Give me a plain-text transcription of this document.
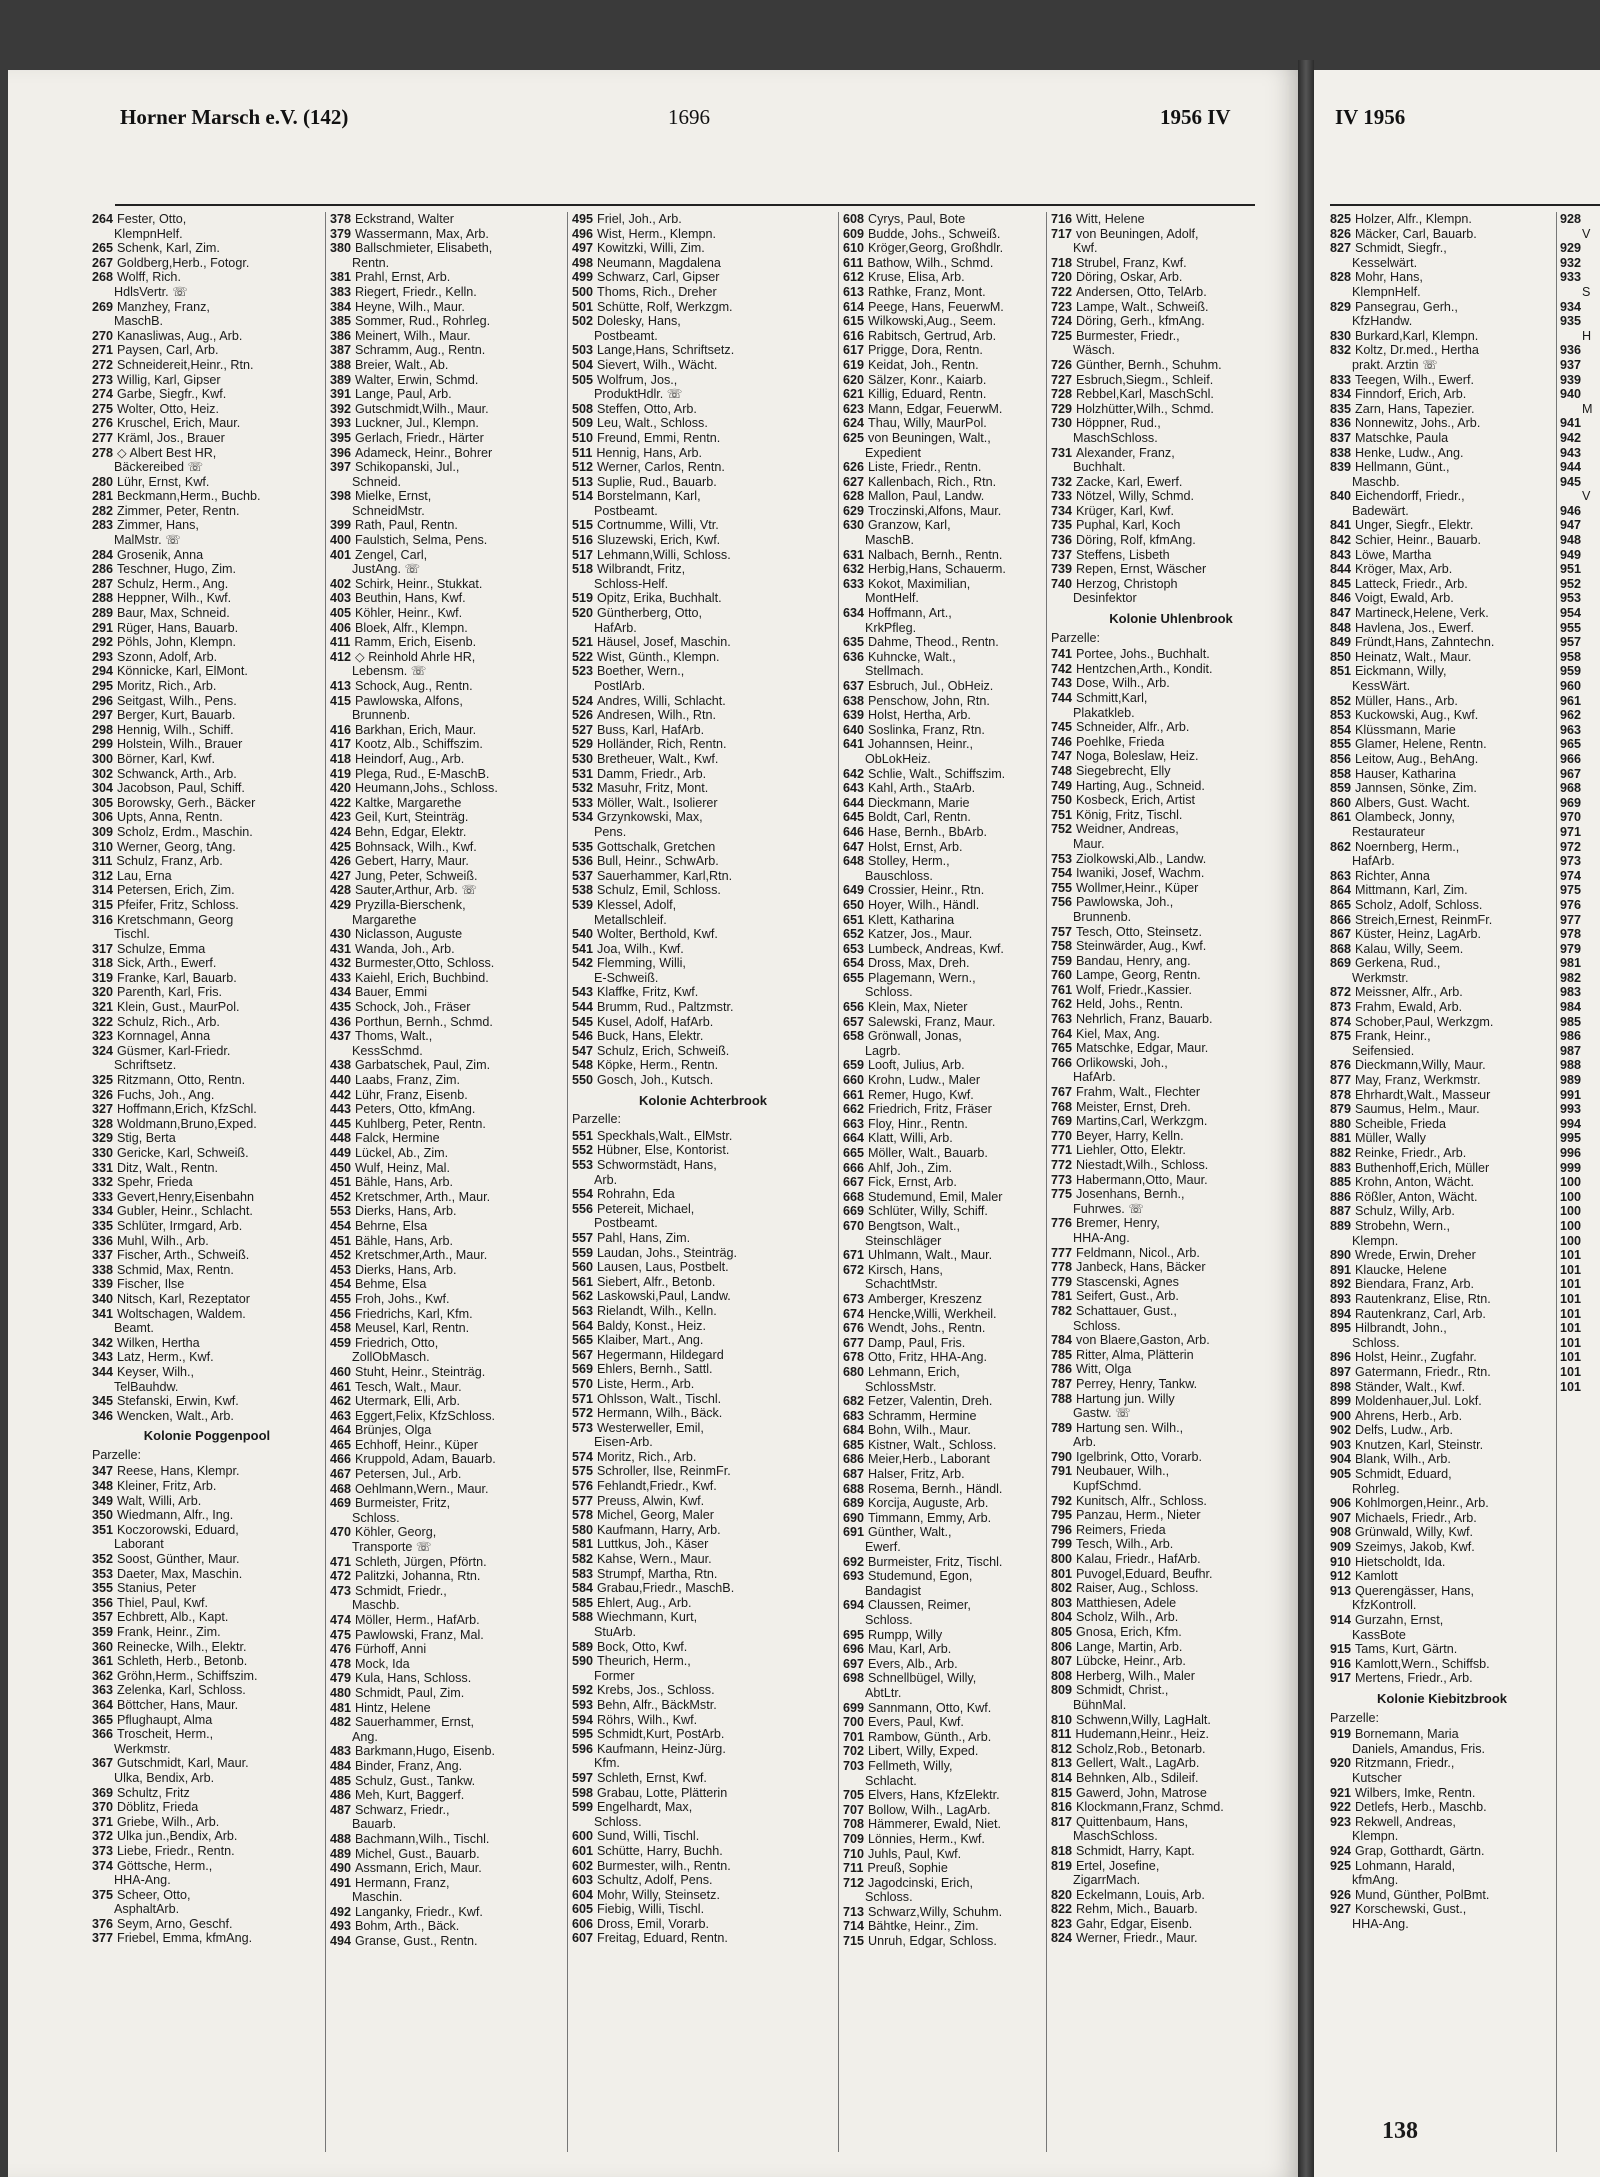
Horner Marsch e.V. (142)	1696	1956 IV	IV 1956
264 Fester, Otto,
KlempnHelf.
265 Schenk, Karl, Zim.
267 Goldberg,Herb., Fotogr.
268 Wolff, Rich.
HdlsVertr. ☏
269 Manzhey, Franz,
MaschB.
270 Kanasliwas, Aug., Arb.
271 Paysen, Carl, Arb.
272 Schneidereit,Heinr., Rtn.
273 Willig, Karl, Gipser
274 Garbe, Siegfr., Kwf.
275 Wolter, Otto, Heiz.
276 Kruschel, Erich, Maur.
277 Kräml, Jos., Brauer
278 ◇ Albert Best HR,
Bäckereibed ☏
280 Lühr, Ernst, Kwf.
281 Beckmann,Herm., Buchb.
282 Zimmer, Peter, Rentn.
283 Zimmer, Hans,
MalMstr. ☏
284 Grosenik, Anna
286 Teschner, Hugo, Zim.
287 Schulz, Herm., Ang.
288 Heppner, Wilh., Kwf.
289 Baur, Max, Schneid.
291 Rüger, Hans, Bauarb.
292 Pöhls, John, Klempn.
293 Szonn, Adolf, Arb.
294 Könnicke, Karl, ElMont.
295 Moritz, Rich., Arb.
296 Seitgast, Wilh., Pens.
297 Berger, Kurt, Bauarb.
298 Hennig, Wilh., Schiff.
299 Holstein, Wilh., Brauer
300 Börner, Karl, Kwf.
302 Schwanck, Arth., Arb.
304 Jacobson, Paul, Schiff.
305 Borowsky, Gerh., Bäcker
306 Upts, Anna, Rentn.
309 Scholz, Erdm., Maschin.
310 Werner, Georg, tAng.
311 Schulz, Franz, Arb.
312 Lau, Erna
314 Petersen, Erich, Zim.
315 Pfeifer, Fritz, Schloss.
316 Kretschmann, Georg
Tischl.
317 Schulze, Emma
318 Sick, Arth., Ewerf.
319 Franke, Karl, Bauarb.
320 Parenth, Karl, Fris.
321 Klein, Gust., MaurPol.
322 Schulz, Rich., Arb.
323 Kornnagel, Anna
324 Güsmer, Karl-Friedr.
Schriftsetz.
325 Ritzmann, Otto, Rentn.
326 Fuchs, Joh., Ang.
327 Hoffmann,Erich, KfzSchl.
328 Woldmann,Bruno,Exped.
329 Stig, Berta
330 Gericke, Karl, Schweiß.
331 Ditz, Walt., Rentn.
332 Spehr, Frieda
333 Gevert,Henry,Eisenbahn
334 Gubler, Heinr., Schlacht.
335 Schlüter, Irmgard, Arb.
336 Muhl, Wilh., Arb.
337 Fischer, Arth., Schweiß.
338 Schmid, Max, Rentn.
339 Fischer, Ilse
340 Nitsch, Karl, Rezeptator
341 Woltschagen, Waldem.
Beamt.
342 Wilken, Hertha
343 Latz, Herm., Kwf.
344 Keyser, Wilh.,
TelBauhdw.
345 Stefanski, Erwin, Kwf.
346 Wencken, Walt., Arb.
Kolonie Poggenpool
Parzelle:
347 Reese, Hans, Klempr.
348 Kleiner, Fritz, Arb.
349 Walt, Willi, Arb.
350 Wiedmann, Alfr., Ing.
351 Koczorowski, Eduard,
Laborant
352 Soost, Günther, Maur.
353 Daeter, Max, Maschin.
355 Stanius, Peter
356 Thiel, Paul, Kwf.
357 Echbrett, Alb., Kapt.
359 Frank, Heinr., Zim.
360 Reinecke, Wilh., Elektr.
361 Schleth, Herb., Betonb.
362 Gröhn,Herm., Schiffszim.
363 Zelenka, Karl, Schloss.
364 Böttcher, Hans, Maur.
365 Pflughaupt, Alma
366 Troscheit, Herm.,
Werkmstr.
367 Gutschmidt, Karl, Maur.
Ulka, Bendix, Arb.
369 Schultz, Fritz
370 Döblitz, Frieda
371 Griebe, Wilh., Arb.
372 Ulka jun.,Bendix, Arb.
373 Liebe, Friedr., Rentn.
374 Göttsche, Herm.,
HHA-Ang.
375 Scheer, Otto,
AsphaltArb.
376 Seym, Arno, Geschf.
377 Friebel, Emma, kfmAng.
378 Eckstrand, Walter
379 Wassermann, Max, Arb.
380 Ballschmieter, Elisabeth,
Rentn.
381 Prahl, Ernst, Arb.
383 Riegert, Friedr., Kelln.
384 Heyne, Wilh., Maur.
385 Sommer, Rud., Rohrleg.
386 Meinert, Wilh., Maur.
387 Schramm, Aug., Rentn.
388 Breier, Walt., Ab.
389 Walter, Erwin, Schmd.
391 Lange, Paul, Arb.
392 Gutschmidt,Wilh., Maur.
393 Luckner, Jul., Klempn.
395 Gerlach, Friedr., Härter
396 Adameck, Heinr., Bohrer
397 Schikopanski, Jul.,
Schneid.
398 Mielke, Ernst,
SchneidMstr.
399 Rath, Paul, Rentn.
400 Faulstich, Selma, Pens.
401 Zengel, Carl,
JustAng. ☏
402 Schirk, Heinr., Stukkat.
403 Beuthin, Hans, Kwf.
405 Köhler, Heinr., Kwf.
406 Bloek, Alfr., Klempn.
411 Ramm, Erich, Eisenb.
412 ◇ Reinhold Ahrle HR,
Lebensm. ☏
413 Schock, Aug., Rentn.
415 Pawlowska, Alfons,
Brunnenb.
416 Barkhan, Erich, Maur.
417 Kootz, Alb., Schiffszim.
418 Heindorf, Aug., Arb.
419 Plega, Rud., E-MaschB.
420 Heumann,Johs., Schloss.
422 Kaltke, Margarethe
423 Geil, Kurt, Steinträg.
424 Behn, Edgar, Elektr.
425 Bohnsack, Wilh., Kwf.
426 Gebert, Harry, Maur.
427 Jung, Peter, Schweiß.
428 Sauter,Arthur, Arb. ☏
429 Pryzilla-Bierschenk,
Margarethe
430 Niclasson, Auguste
431 Wanda, Joh., Arb.
432 Burmester,Otto, Schloss.
433 Kaiehl, Erich, Buchbind.
434 Bauer, Emmi
435 Schock, Joh., Fräser
436 Porthun, Bernh., Schmd.
437 Thoms, Walt.,
KessSchmd.
438 Garbatschek, Paul, Zim.
440 Laabs, Franz, Zim.
442 Lühr, Franz, Eisenb.
443 Peters, Otto, kfmAng.
445 Kuhlberg, Peter, Rentn.
448 Falck, Hermine
449 Lückel, Ab., Zim.
450 Wulf, Heinz, Mal.
451 Bähle, Hans, Arb.
452 Kretschmer, Arth., Maur.
553 Dierks, Hans, Arb.
454 Behrne, Elsa
451 Bähle, Hans, Arb.
452 Kretschmer,Arth., Maur.
453 Dierks, Hans, Arb.
454 Behme, Elsa
455 Froh, Johs., Kwf.
456 Friedrichs, Karl, Kfm.
458 Meusel, Karl, Rentn.
459 Friedrich, Otto,
ZollObMasch.
460 Stuht, Heinr., Steinträg.
461 Tesch, Walt., Maur.
462 Utermark, Elli, Arb.
463 Eggert,Felix, KfzSchloss.
464 Brünjes, Olga
465 Echhoff, Heinr., Küper
466 Kruppold, Adam, Bauarb.
467 Petersen, Jul., Arb.
468 Oehlmann,Wern., Maur.
469 Burmeister, Fritz,
Schloss.
470 Köhler, Georg,
Transporte ☏
471 Schleth, Jürgen, Pförtn.
472 Palitzki, Johanna, Rtn.
473 Schmidt, Friedr.,
Maschb.
474 Möller, Herm., HafArb.
475 Pawlowski, Franz, Mal.
476 Fürhoff, Anni
478 Mock, Ida
479 Kula, Hans, Schloss.
480 Schmidt, Paul, Zim.
481 Hintz, Helene
482 Sauerhammer, Ernst,
Ang.
483 Barkmann,Hugo, Eisenb.
484 Binder, Franz, Ang.
485 Schulz, Gust., Tankw.
486 Meh, Kurt, Baggerf.
487 Schwarz, Friedr.,
Bauarb.
488 Bachmann,Wilh., Tischl.
489 Michel, Gust., Bauarb.
490 Assmann, Erich, Maur.
491 Hermann, Franz,
Maschin.
492 Langanky, Friedr., Kwf.
493 Bohm, Arth., Bäck.
494 Granse, Gust., Rentn.
495 Friel, Joh., Arb.
496 Wist, Herm., Klempn.
497 Kowitzki, Willi, Zim.
498 Neumann, Magdalena
499 Schwarz, Carl, Gipser
500 Thoms, Rich., Dreher
501 Schütte, Rolf, Werkzgm.
502 Dolesky, Hans,
Postbeamt.
503 Lange,Hans, Schriftsetz.
504 Sievert, Wilh., Wächt.
505 Wolfrum, Jos.,
ProduktHdlr. ☏
508 Steffen, Otto, Arb.
509 Leu, Walt., Schloss.
510 Freund, Emmi, Rentn.
511 Hennig, Hans, Arb.
512 Werner, Carlos, Rentn.
513 Suplie, Rud., Bauarb.
514 Borstelmann, Karl,
Postbeamt.
515 Cortnumme, Willi, Vtr.
516 Sluzewski, Erich, Kwf.
517 Lehmann,Willi, Schloss.
518 Wilbrandt, Fritz,
Schloss-Helf.
519 Opitz, Erika, Buchhalt.
520 Güntherberg, Otto,
HafArb.
521 Häusel, Josef, Maschin.
522 Wist, Günth., Klempn.
523 Boether, Wern.,
PostlArb.
524 Andres, Willi, Schlacht.
526 Andresen, Wilh., Rtn.
527 Buss, Karl, HafArb.
529 Holländer, Rich, Rentn.
530 Bretheuer, Walt., Kwf.
531 Damm, Friedr., Arb.
532 Masuhr, Fritz, Mont.
533 Möller, Walt., Isolierer
534 Grzynkowski, Max,
Pens.
535 Gottschalk, Gretchen
536 Bull, Heinr., SchwArb.
537 Sauerhammer, Karl,Rtn.
538 Schulz, Emil, Schloss.
539 Klessel, Adolf,
Metallschleif.
540 Wolter, Berthold, Kwf.
541 Joa, Wilh., Kwf.
542 Flemming, Willi,
E-Schweiß.
543 Klaffke, Fritz, Kwf.
544 Brumm, Rud., Paltzmstr.
545 Kusel, Adolf, HafArb.
546 Buck, Hans, Elektr.
547 Schulz, Erich, Schweiß.
548 Köpke, Herm., Rentn.
550 Gosch, Joh., Kutsch.
Kolonie Achterbrook
Parzelle:
551 Speckhals,Walt., ElMstr.
552 Hübner, Else, Kontorist.
553 Schwormstädt, Hans,
Arb.
554 Rohrahn, Eda
556 Petereit, Michael,
Postbeamt.
557 Pahl, Hans, Zim.
559 Laudan, Johs., Steinträg.
560 Lausen, Laus, Postbelt.
561 Siebert, Alfr., Betonb.
562 Laskowski,Paul, Landw.
563 Rielandt, Wilh., Kelln.
564 Baldy, Konst., Heiz.
565 Klaiber, Mart., Ang.
567 Hegermann, Hildegard
569 Ehlers, Bernh., Sattl.
570 Liste, Herm., Arb.
571 Ohlsson, Walt., Tischl.
572 Hermann, Wilh., Bäck.
573 Westerweller, Emil,
Eisen-Arb.
574 Moritz, Rich., Arb.
575 Schroller, Ilse, ReinmFr.
576 Fehlandt,Friedr., Kwf.
577 Preuss, Alwin, Kwf.
578 Michel, Georg, Maler
580 Kaufmann, Harry, Arb.
581 Luttkus, Joh., Käser
582 Kahse, Wern., Maur.
583 Strumpf, Martha, Rtn.
584 Grabau,Friedr., MaschB.
585 Ehlert, Aug., Arb.
588 Wiechmann, Kurt,
StuArb.
589 Bock, Otto, Kwf.
590 Theurich, Herm.,
Former
592 Krebs, Jos., Schloss.
593 Behn, Alfr., BäckMstr.
594 Röhrs, Wilh., Kwf.
595 Schmidt,Kurt, PostArb.
596 Kaufmann, Heinz-Jürg.
Kfm.
597 Schleth, Ernst, Kwf.
598 Grabau, Lotte, Plätterin
599 Engelhardt, Max,
Schloss.
600 Sund, Willi, Tischl.
601 Schütte, Harry, Buchh.
602 Burmester, wilh., Rentn.
603 Schultz, Adolf, Pens.
604 Mohr, Willy, Steinsetz.
605 Fiebig, Willi, Tischl.
606 Dross, Emil, Vorarb.
607 Freitag, Eduard, Rentn.
608 Cyrys, Paul, Bote
609 Budde, Johs., Schweiß.
610 Kröger,Georg, Großhdlr.
611 Bathow, Wilh., Schmd.
612 Kruse, Elisa, Arb.
613 Rathke, Franz, Mont.
614 Peege, Hans, FeuerwM.
615 Wilkowski,Aug., Seem.
616 Rabitsch, Gertrud, Arb.
617 Prigge, Dora, Rentn.
619 Keidat, Joh., Rentn.
620 Sälzer, Konr., Kaiarb.
621 Killig, Eduard, Rentn.
623 Mann, Edgar, FeuerwM.
624 Thau, Willy, MaurPol.
625 von Beuningen, Walt.,
Expedient
626 Liste, Friedr., Rentn.
627 Kallenbach, Rich., Rtn.
628 Mallon, Paul, Landw.
629 Troczinski,Alfons, Maur.
630 Granzow, Karl,
MaschB.
631 Nalbach, Bernh., Rentn.
632 Herbig,Hans, Schauerm.
633 Kokot, Maximilian,
MontHelf.
634 Hoffmann, Art.,
KrkPfleg.
635 Dahme, Theod., Rentn.
636 Kuhncke, Walt.,
Stellmach.
637 Esbruch, Jul., ObHeiz.
638 Penschow, John, Rtn.
639 Holst, Hertha, Arb.
640 Soslinka, Franz, Rtn.
641 Johannsen, Heinr.,
ObLokHeiz.
642 Schlie, Walt., Schiffszim.
643 Kahl, Arth., StaArb.
644 Dieckmann, Marie
645 Boldt, Carl, Rentn.
646 Hase, Bernh., BbArb.
647 Holst, Ernst, Arb.
648 Stolley, Herm.,
Bauschloss.
649 Crossier, Heinr., Rtn.
650 Hoyer, Wilh., Händl.
651 Klett, Katharina
652 Katzer, Jos., Maur.
653 Lumbeck, Andreas, Kwf.
654 Dross, Max, Dreh.
655 Plagemann, Wern.,
Schloss.
656 Klein, Max, Nieter
657 Salewski, Franz, Maur.
658 Grönwall, Jonas,
Lagrb.
659 Looft, Julius, Arb.
660 Krohn, Ludw., Maler
661 Remer, Hugo, Kwf.
662 Friedrich, Fritz, Fräser
663 Floy, Hinr., Rentn.
664 Klatt, Willi, Arb.
665 Möller, Walt., Bauarb.
666 Ahlf, Joh., Zim.
667 Fick, Ernst, Arb.
668 Studemund, Emil, Maler
669 Schlüter, Willy, Schiff.
670 Bengtson, Walt.,
Steinschläger
671 Uhlmann, Walt., Maur.
672 Kirsch, Hans,
SchachtMstr.
673 Amberger, Kreszenz
674 Hencke,Willi, Werkheil.
676 Wendt, Johs., Rentn.
677 Damp, Paul, Fris.
678 Otto, Fritz, HHA-Ang.
680 Lehmann, Erich,
SchlossMstr.
682 Fetzer, Valentin, Dreh.
683 Schramm, Hermine
684 Bohn, Wilh., Maur.
685 Kistner, Walt., Schloss.
686 Meier,Herb., Laborant
687 Halser, Fritz, Arb.
688 Rosema, Bernh., Händl.
689 Korcija, Auguste, Arb.
690 Timmann, Emmy, Arb.
691 Günther, Walt.,
Ewerf.
692 Burmeister, Fritz, Tischl.
693 Studemund, Egon,
Bandagist
694 Claussen, Reimer,
Schloss.
695 Rumpp, Willy
696 Mau, Karl, Arb.
697 Evers, Alb., Arb.
698 Schnellbügel, Willy,
AbtLtr.
699 Sannmann, Otto, Kwf.
700 Evers, Paul, Kwf.
701 Rambow, Günth., Arb.
702 Libert, Willy, Exped.
703 Fellmeth, Willy,
Schlacht.
705 Elvers, Hans, KfzElektr.
707 Bollow, Wilh., LagArb.
708 Hämmerer, Ewald, Niet.
709 Lönnies, Herm., Kwf.
710 Juhls, Paul, Kwf.
711 Preuß, Sophie
712 Jagodcinski, Erich,
Schloss.
713 Schwarz,Willy, Schuhm.
714 Bähtke, Heinr., Zim.
715 Unruh, Edgar, Schloss.
716 Witt, Helene
717 von Beuningen, Adolf,
Kwf.
718 Strubel, Franz, Kwf.
720 Döring, Oskar, Arb.
722 Andersen, Otto, TelArb.
723 Lampe, Walt., Schweiß.
724 Döring, Gerh., kfmAng.
725 Burmester, Friedr.,
Wäsch.
726 Günther, Bernh., Schuhm.
727 Esbruch,Siegm., Schleif.
728 Rebbel,Karl, MaschSchl.
729 Holzhütter,Wilh., Schmd.
730 Höppner, Rud.,
MaschSchloss.
731 Alexander, Franz,
Buchhalt.
732 Zacke, Karl, Ewerf.
733 Nötzel, Willy, Schmd.
734 Krüger, Karl, Kwf.
735 Puphal, Karl, Koch
736 Döring, Rolf, kfmAng.
737 Steffens, Lisbeth
739 Repen, Ernst, Wäscher
740 Herzog, Christoph
Desinfektor
Kolonie Uhlenbrook
Parzelle:
741 Portee, Johs., Buchhalt.
742 Hentzchen,Arth., Kondit.
743 Dose, Wilh., Arb.
744 Schmitt,Karl,
Plakatkleb.
745 Schneider, Alfr., Arb.
746 Poehlke, Frieda
747 Noga, Boleslaw, Heiz.
748 Siegebrecht, Elly
749 Harting, Aug., Schneid.
750 Kosbeck, Erich, Artist
751 König, Fritz, Tischl.
752 Weidner, Andreas,
Maur.
753 Ziolkowski,Alb., Landw.
754 Iwaniki, Josef, Wachm.
755 Wollmer,Heinr., Küper
756 Pawlowska, Joh.,
Brunnenb.
757 Tesch, Otto, Steinsetz.
758 Steinwärder, Aug., Kwf.
759 Bandau, Henry, ang.
760 Lampe, Georg, Rentn.
761 Wolf, Friedr.,Kassier.
762 Held, Johs., Rentn.
763 Nehrlich, Franz, Bauarb.
764 Kiel, Max, Ang.
765 Matschke, Edgar, Maur.
766 Orlikowski, Joh.,
HafArb.
767 Frahm, Walt., Flechter
768 Meister, Ernst, Dreh.
769 Martins,Carl, Werkzgm.
770 Beyer, Harry, Kelln.
771 Liehler, Otto, Elektr.
772 Niestadt,Wilh., Schloss.
773 Habermann,Otto, Maur.
775 Josenhans, Bernh.,
Fuhrwes. ☏
776 Bremer, Henry,
HHA-Ang.
777 Feldmann, Nicol., Arb.
778 Janbeck, Hans, Bäcker
779 Stascenski, Agnes
781 Seifert, Gust., Arb.
782 Schattauer, Gust.,
Schloss.
784 von Blaere,Gaston, Arb.
785 Ritter, Alma, Plätterin
786 Witt, Olga
787 Perrey, Henry, Tankw.
788 Hartung jun. Willy
Gastw. ☏
789 Hartung sen. Wilh.,
Arb.
790 Igelbrink, Otto, Vorarb.
791 Neubauer, Wilh.,
KupfSchmd.
792 Kunitsch, Alfr., Schloss.
795 Panzau, Herm., Nieter
796 Reimers, Frieda
799 Tesch, Wilh., Arb.
800 Kalau, Friedr., HafArb.
801 Puvogel,Eduard, Beufhr.
802 Raiser, Aug., Schloss.
803 Matthiesen, Adele
804 Scholz, Wilh., Arb.
805 Gnosa, Erich, Kfm.
806 Lange, Martin, Arb.
807 Lübcke, Heinr., Arb.
808 Herberg, Wilh., Maler
809 Schmidt, Christ.,
BühnMal.
810 Schwenn,Willy, LagHalt.
811 Hudemann,Heinr., Heiz.
812 Scholz,Rob., Betonarb.
813 Gellert, Walt., LagArb.
814 Behnken, Alb., Sdileif.
815 Gawerd, John, Matrose
816 Klockmann,Franz, Schmd.
817 Quittenbaum, Hans,
MaschSchloss.
818 Schmidt, Harry, Kapt.
819 Ertel, Josefine,
ZigarrMach.
820 Eckelmann, Louis, Arb.
822 Rehm, Mich., Bauarb.
823 Gahr, Edgar, Eisenb.
824 Werner, Friedr., Maur.
825 Holzer, Alfr., Klempn.
826 Mäcker, Carl, Bauarb.
827 Schmidt, Siegfr.,
Kesselwärt.
828 Mohr, Hans,
KlempnHelf.
829 Pansegrau, Gerh.,
KfzHandw.
830 Burkard,Karl, Klempn.
832 Koltz, Dr.med., Hertha
prakt. Arztin ☏
833 Teegen, Wilh., Ewerf.
834 Finndorf, Erich, Arb.
835 Zarn, Hans, Tapezier.
836 Nonnewitz, Johs., Arb.
837 Matschke, Paula
838 Henke, Ludw., Ang.
839 Hellmann, Günt.,
Maschb.
840 Eichendorff, Friedr.,
Badewärt.
841 Unger, Siegfr., Elektr.
842 Schier, Heinr., Bauarb.
843 Löwe, Martha
844 Kröger, Max, Arb.
845 Latteck, Friedr., Arb.
846 Voigt, Ewald, Arb.
847 Martineck,Helene, Verk.
848 Havlena, Jos., Ewerf.
849 Fründt,Hans, Zahntechn.
850 Heinatz, Walt., Maur.
851 Eickmann, Willy,
KessWärt.
852 Müller, Hans., Arb.
853 Kuckowski, Aug., Kwf.
854 Klüssmann, Marie
855 Glamer, Helene, Rentn.
856 Leitow, Aug., BehAng.
858 Hauser, Katharina
859 Jannsen, Sönke, Zim.
860 Albers, Gust. Wacht.
861 Olambeck, Jonny,
Restaurateur
862 Noernberg, Herm.,
HafArb.
863 Richter, Anna
864 Mittmann, Karl, Zim.
865 Scholz, Adolf, Schloss.
866 Streich,Ernest, ReinmFr.
867 Küster, Heinz, LagArb.
868 Kalau, Willy, Seem.
869 Gerkena, Rud.,
Werkmstr.
872 Meissner, Alfr., Arb.
873 Frahm, Ewald, Arb.
874 Schober,Paul, Werkzgm.
875 Frank, Heinr.,
Seifensied.
876 Dieckmann,Willy, Maur.
877 May, Franz, Werkmstr.
878 Ehrhardt,Walt., Masseur
879 Saumus, Helm., Maur.
880 Scheible, Frieda
881 Müller, Wally
882 Reinke, Friedr., Arb.
883 Buthenhoff,Erich, Müller
885 Krohn, Anton, Wächt.
886 Rößler, Anton, Wächt.
887 Schulz, Willy, Arb.
889 Strobehn, Wern.,
Klempn.
890 Wrede, Erwin, Dreher
891 Klaucke, Helene
892 Biendara, Franz, Arb.
893 Rautenkranz, Elise, Rtn.
894 Rautenkranz, Carl, Arb.
895 Hilbrandt, John.,
Schloss.
896 Holst, Heinr., Zugfahr.
897 Gatermann, Friedr., Rtn.
898 Ständer, Walt., Kwf.
899 Moldenhauer,Jul. Lokf.
900 Ahrens, Herb., Arb.
902 Delfs, Ludw., Arb.
903 Knutzen, Karl, Steinstr.
904 Blank, Wilh., Arb.
905 Schmidt, Eduard,
Rohrleg.
906 Kohlmorgen,Heinr., Arb.
907 Michaels, Friedr., Arb.
908 Grünwald, Willy, Kwf.
909 Szeimys, Jakob, Kwf.
910 Hietscholdt, Ida.
912 Kamlott
913 Querengässer, Hans,
KfzKontroll.
914 Gurzahn, Ernst,
KassBote
915 Tams, Kurt, Gärtn.
916 Kamlott,Wern., Schiffsb.
917 Mertens, Friedr., Arb.
Kolonie Kiebitzbrook
Parzelle:
919 Bornemann, Maria
Daniels, Amandus, Fris.
920 Ritzmann, Friedr.,
Kutscher
921 Wilbers, Imke, Rentn.
922 Detlefs, Herb., Maschb.
923 Rekwell, Andreas,
Klempn.
924 Grap, Gotthardt, Gärtn.
925 Lohmann, Harald,
kfmAng.
926 Mund, Günther, PolBmt.
927 Korschewski, Gust.,
HHA-Ang.
928
V
929
932
933
S
934
935
H
936
937
939
940
M
941
942
943
944
945
V
946
947
948
949
951
952
953
954
955
957
958
959
960
961
962
963
965
966
967
968
969
970
971
972
973
974
975
976
977
978
979
981
982
983
984
985
986
987
988
989
991
993
994
995
996
999
100
100
100
100
100
101
101
101
101
101
101
101
101
101
101
138
